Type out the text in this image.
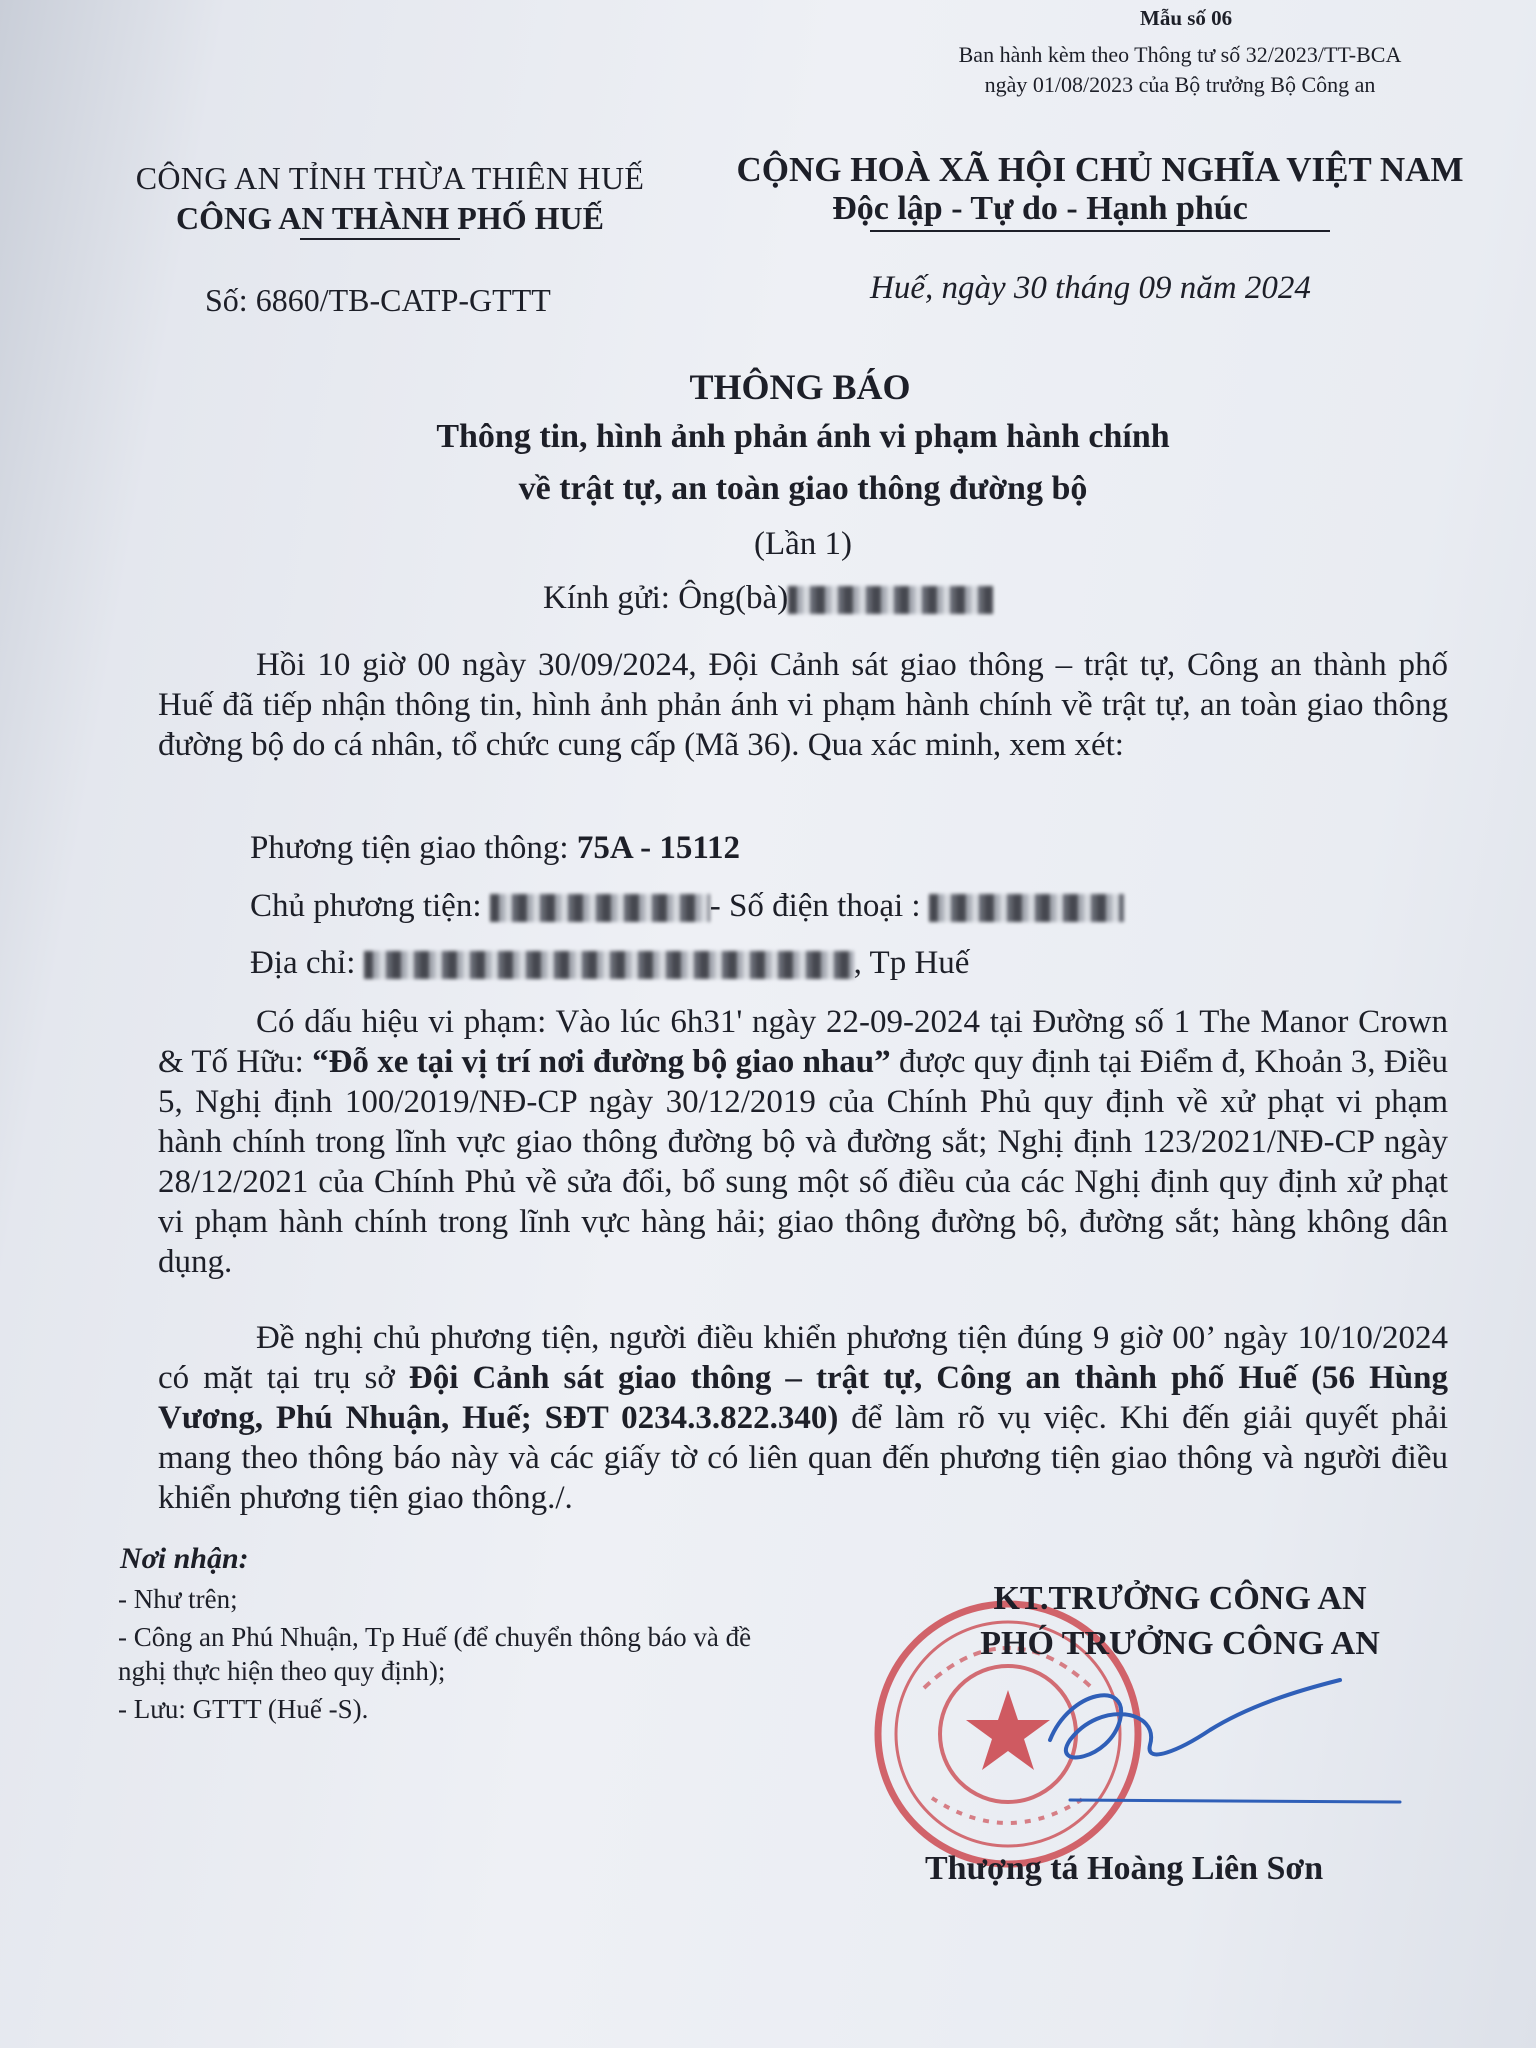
Mẫu số 06
Ban hành kèm theo Thông tư số 32/2023/TT-BCA
ngày 01/08/2023 của Bộ trưởng Bộ Công an
CÔNG AN TỈNH THỪA THIÊN HUẾ
CÔNG AN THÀNH PHỐ HUẾ
Số: 6860/TB-CATP-GTTT
CỘNG HOÀ XÃ HỘI CHỦ NGHĨA VIỆT NAM
Độc lập - Tự do - Hạnh phúc
Huế, ngày 30 tháng 09 năm 2024
THÔNG BÁO
Thông tin, hình ảnh phản ánh vi phạm hành chính
về trật tự, an toàn giao thông đường bộ
(Lần 1)
Kính gửi: Ông(bà)
Hồi 10 giờ 00 ngày 30/09/2024, Đội Cảnh sát giao thông – trật tự, Công an thành phố Huế đã tiếp nhận thông tin, hình ảnh phản ánh vi phạm hành chính về trật tự, an toàn giao thông đường bộ do cá nhân, tổ chức cung cấp (Mã 36). Qua xác minh, xem xét:
Phương tiện giao thông: 75A - 15112
Chủ phương tiện:	- Số điện thoại :
Địa chỉ:	, Tp Huế
Có dấu hiệu vi phạm: Vào lúc 6h31' ngày 22-09-2024 tại Đường số 1 The Manor Crown & Tố Hữu: “Đỗ xe tại vị trí nơi đường bộ giao nhau” được quy định tại Điểm đ, Khoản 3, Điều 5, Nghị định 100/2019/NĐ-CP ngày 30/12/2019 của Chính Phủ quy định về xử phạt vi phạm hành chính trong lĩnh vực giao thông đường bộ và đường sắt; Nghị định 123/2021/NĐ-CP ngày 28/12/2021 của Chính Phủ về sửa đổi, bổ sung một số điều của các Nghị định quy định xử phạt vi phạm hành chính trong lĩnh vực hàng hải; giao thông đường bộ, đường sắt; hàng không dân dụng.
Đề nghị chủ phương tiện, người điều khiển phương tiện đúng 9 giờ 00’ ngày 10/10/2024 có mặt tại trụ sở Đội Cảnh sát giao thông – trật tự, Công an thành phố Huế (56 Hùng Vương, Phú Nhuận, Huế; SĐT 0234.3.822.340) để làm rõ vụ việc. Khi đến giải quyết phải mang theo thông báo này và các giấy tờ có liên quan đến phương tiện giao thông và người điều khiển phương tiện giao thông./.
Nơi nhận:
- Như trên;
- Công an Phú Nhuận, Tp Huế (để chuyển thông báo và đề nghị thực hiện theo quy định);
- Lưu: GTTT (Huế -S).
KT.TRƯỞNG CÔNG AN
PHÓ TRƯỞNG CÔNG AN
Thượng tá Hoàng Liên Sơn
